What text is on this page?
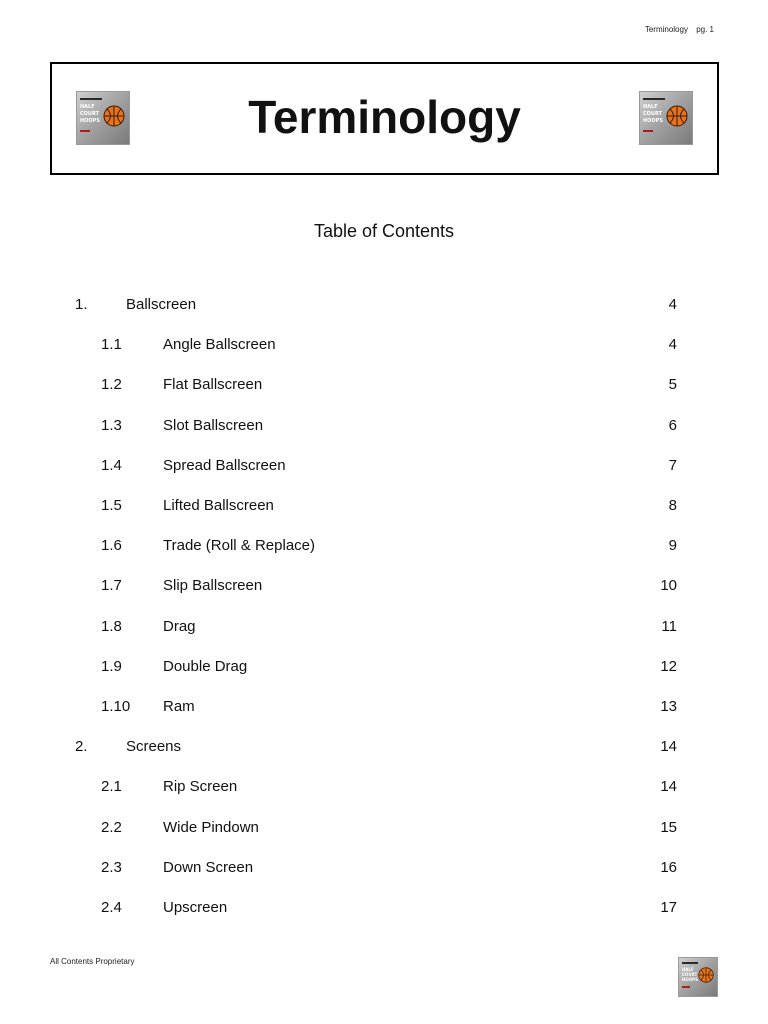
Terminology pg. 1
HALF
COURT
HOOPS	Terminology	HALF
COURT
HOOPS
Table of Contents
1.	Ballscreen	4
1.1	Angle Ballscreen	4
1.2	Flat Ballscreen	5
1.3	Slot Ballscreen	6
1.4	Spread Ballscreen	7
1.5	Lifted Ballscreen	8
1.6	Trade (Roll & Replace)	9
1.7	Slip Ballscreen	10
1.8	Drag	11
1.9	Double Drag	12
1.10 Ram	13
2.	Screens	14
2.1	Rip Screen	14
2.2	Wide Pindown	15
2.3	Down Screen	16
2.4	Upscreen	17
All Contents Proprietary
HALF
COURT
HOOPS
